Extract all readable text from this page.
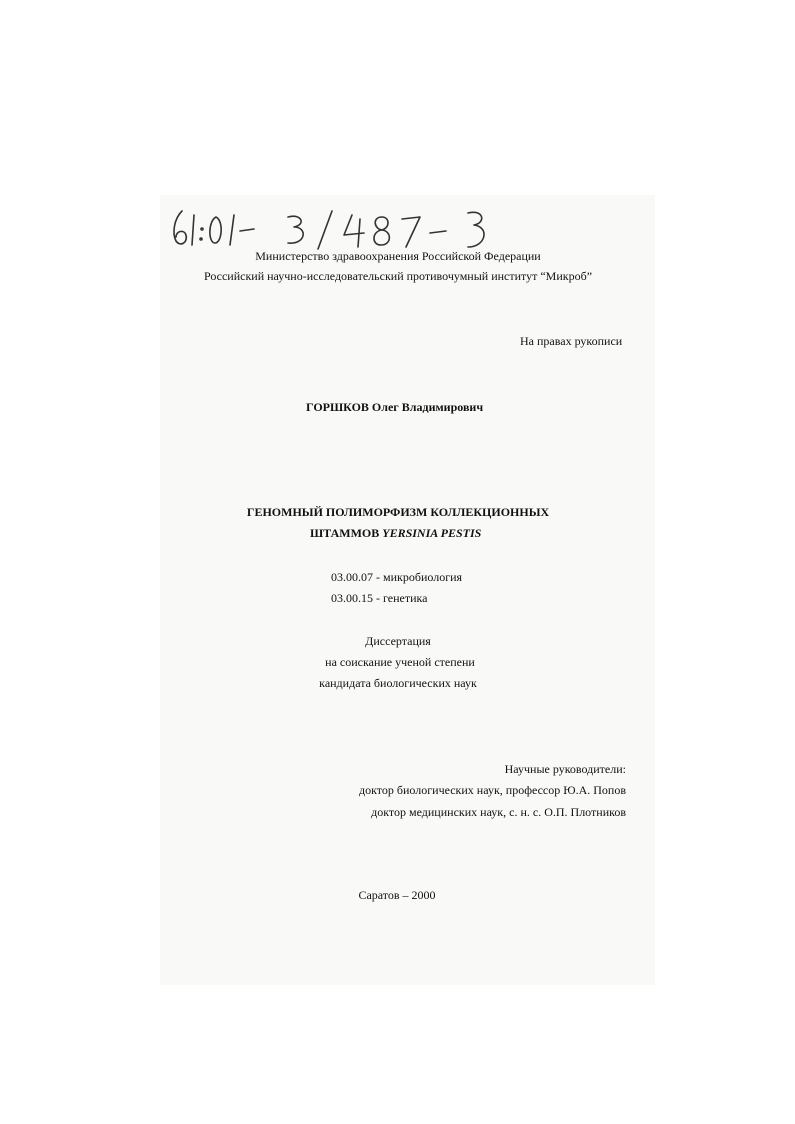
61:01-3/487-3
Министерство здравоохранения Российской Федерации
Российский научно-исследовательский противочумный институт “Микроб”
На правах рукописи
ГОРШКОВ Олег Владимирович
ГЕНОМНЫЙ ПОЛИМОРФИЗМ КОЛЛЕКЦИОННЫХ
ШТАММОВ YERSINIA PESTIS
03.00.07 - микробиология
03.00.15 - генетика
Диссертация
на соискание ученой степени
кандидата биологических наук
Научные руководители:
доктор биологических наук, профессор Ю.А. Попов
доктор медицинских наук, с. н. с. О.П. Плотников
Саратов – 2000
